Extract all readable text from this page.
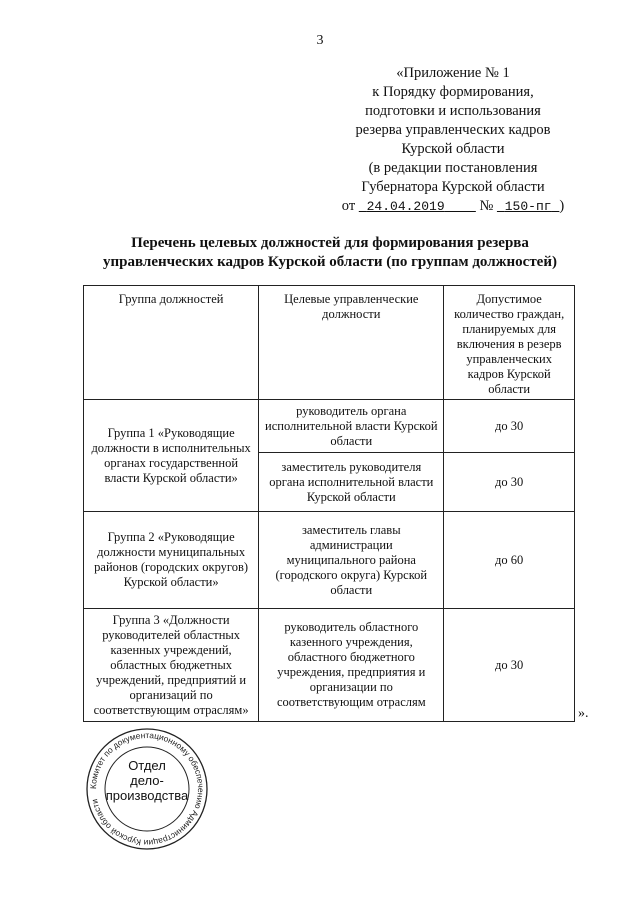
3
«Приложение № 1
к Порядку формирования,
подготовки и использования
резерва управленческих кадров
Курской области
(в редакции постановления
Губернатора Курской области
от 24.04.2019 № 150-пг )
Перечень целевых должностей для формирования резерва
управленческих кадров Курской области (по группам должностей)
Группа должностей	Целевые управленческие должности	Допустимое количество граждан, планируемых для включения в резерв управленческих кадров Курской области
Группа 1 «Руководящие должности в исполнительных органах государственной власти Курской области»	руководитель органа исполнительной власти Курской области	до 30
	заместитель руководителя органа исполнительной власти Курской области	до 30
Группа 2 «Руководящие должности муниципальных районов (городских округов) Курской области»	заместитель главы администрации муниципального района (городского округа) Курской области	до 60
Группа 3 «Должности руководителей областных казенных учреждений, областных бюджетных учреждений, предприятий и организаций по соответствующим отраслям»	руководитель областного казенного учреждения, областного бюджетного учреждения, предприятия и организации по соответствующим отраслям	до 30
».
Комитет по документационному обеспечению Администрации Курской области
Отдел
дело-
производства
